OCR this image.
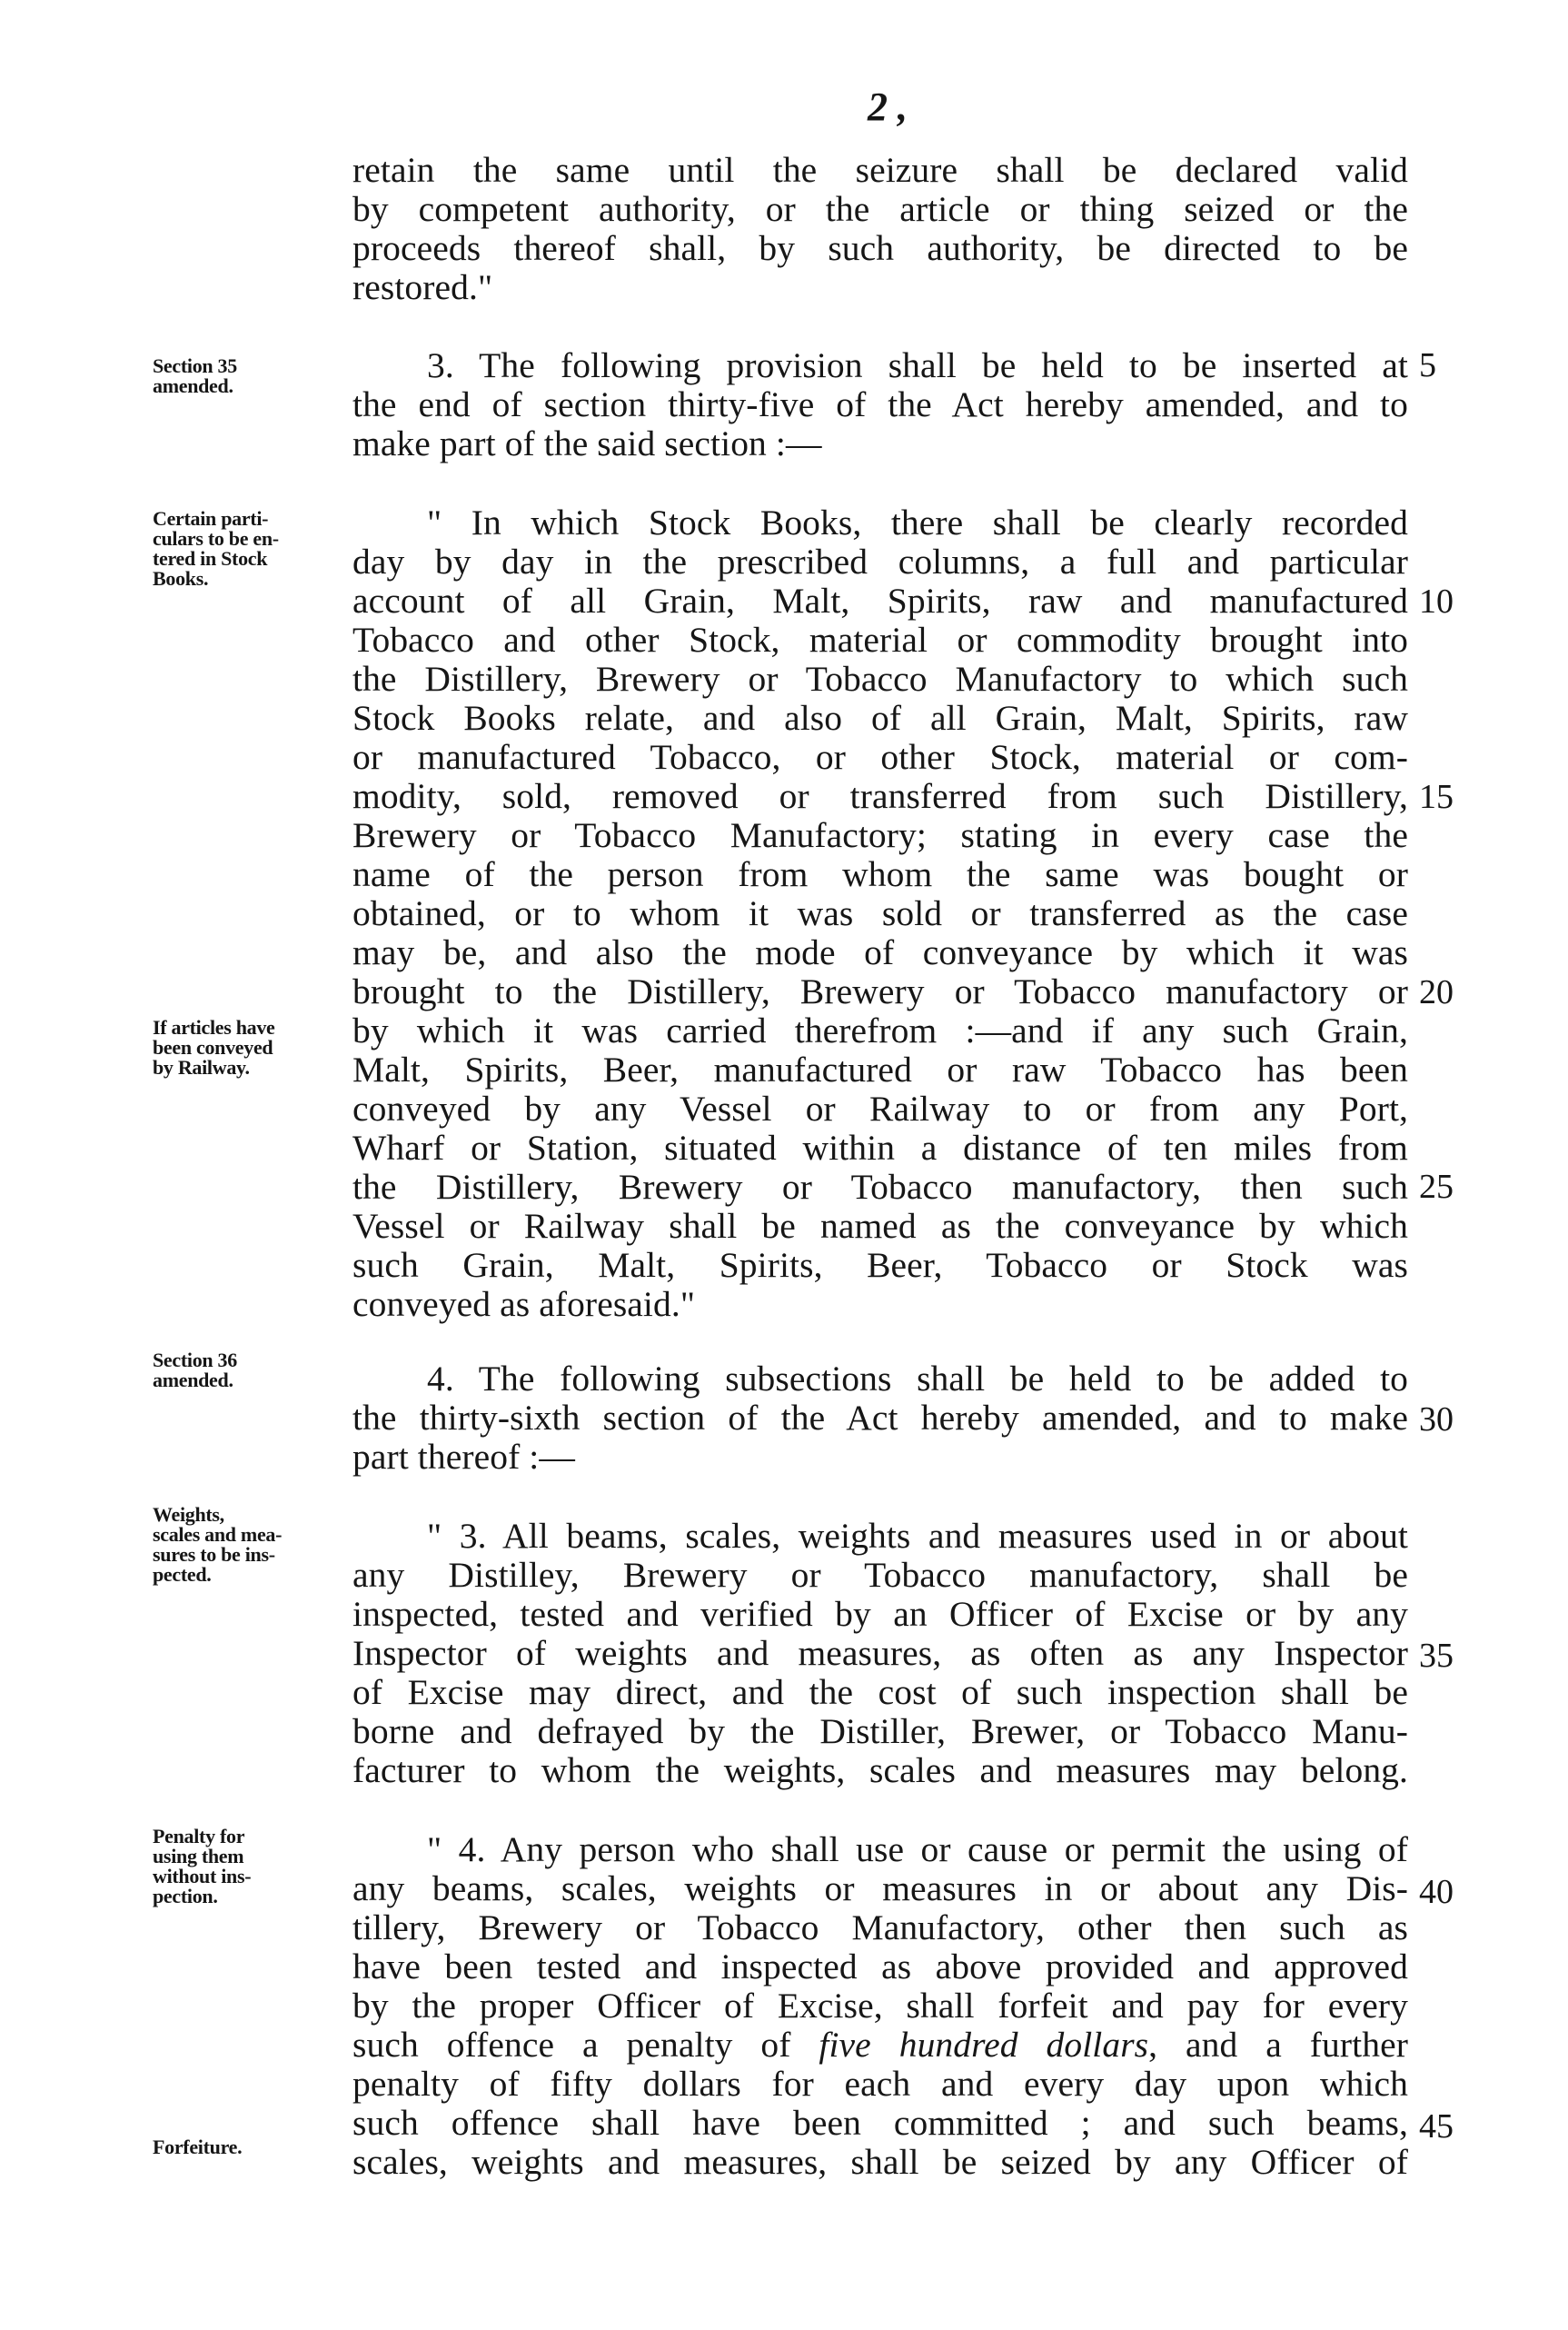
2 ,
Section 35
amended.
Certain parti-
culars to be en-
tered in Stock
Books.
If articles have
been conveyed
by Railway.
Section 36
amended.
Weights,
scales and mea-
sures to be ins-
pected.
Penalty for
using them
without ins-
pection.
Forfeiture.
5
10
15
20
25
30
35
40
45
retain the same until the seizure shall be declared valid
by competent authority, or the article or thing seized or the
proceeds thereof shall, by such authority, be directed to be
restored."
3. The following provision shall be held to be inserted at
the end of section thirty-five of the Act hereby amended, and to
make part of the said section :—
" In which Stock Books, there shall be clearly recorded
day by day in the prescribed columns, a full and particular
account of all Grain, Malt, Spirits, raw and manufactured
Tobacco and other Stock, material or commodity brought into
the Distillery, Brewery or Tobacco Manufactory to which such
Stock Books relate, and also of all Grain, Malt, Spirits, raw
or manufactured Tobacco, or other Stock, material or com-
modity, sold, removed or transferred from such Distillery,
Brewery or Tobacco Manufactory; stating in every case the
name of the person from whom the same was bought or
obtained, or to whom it was sold or transferred as the case
may be, and also the mode of conveyance by which it was
brought to the Distillery, Brewery or Tobacco manufactory or
by which it was carried therefrom :—and if any such Grain,
Malt, Spirits, Beer, manufactured or raw Tobacco has been
conveyed by any Vessel or Railway to or from any Port,
Wharf or Station, situated within a distance of ten miles from
the Distillery, Brewery or Tobacco manufactory, then such
Vessel or Railway shall be named as the conveyance by which
such Grain, Malt, Spirits, Beer, Tobacco or Stock was
conveyed as aforesaid."
4. The following subsections shall be held to be added to
the thirty-sixth section of the Act hereby amended, and to make
part thereof :—
" 3. All beams, scales, weights and measures used in or about
any Distilley, Brewery or Tobacco manufactory, shall be
inspected, tested and verified by an Officer of Excise or by any
Inspector of weights and measures, as often as any Inspector
of Excise may direct, and the cost of such inspection shall be
borne and defrayed by the Distiller, Brewer, or Tobacco Manu-
facturer to whom the weights, scales and measures may belong.
" 4. Any person who shall use or cause or permit the using of
any beams, scales, weights or measures in or about any Dis-
tillery, Brewery or Tobacco Manufactory, other then such as
have been tested and inspected as above provided and approved
by the proper Officer of Excise, shall forfeit and pay for every
such offence a penalty of five hundred dollars, and a further
penalty of fifty dollars for each and every day upon which
such offence shall have been committed ; and such beams,
scales, weights and measures, shall be seized by any Officer of
